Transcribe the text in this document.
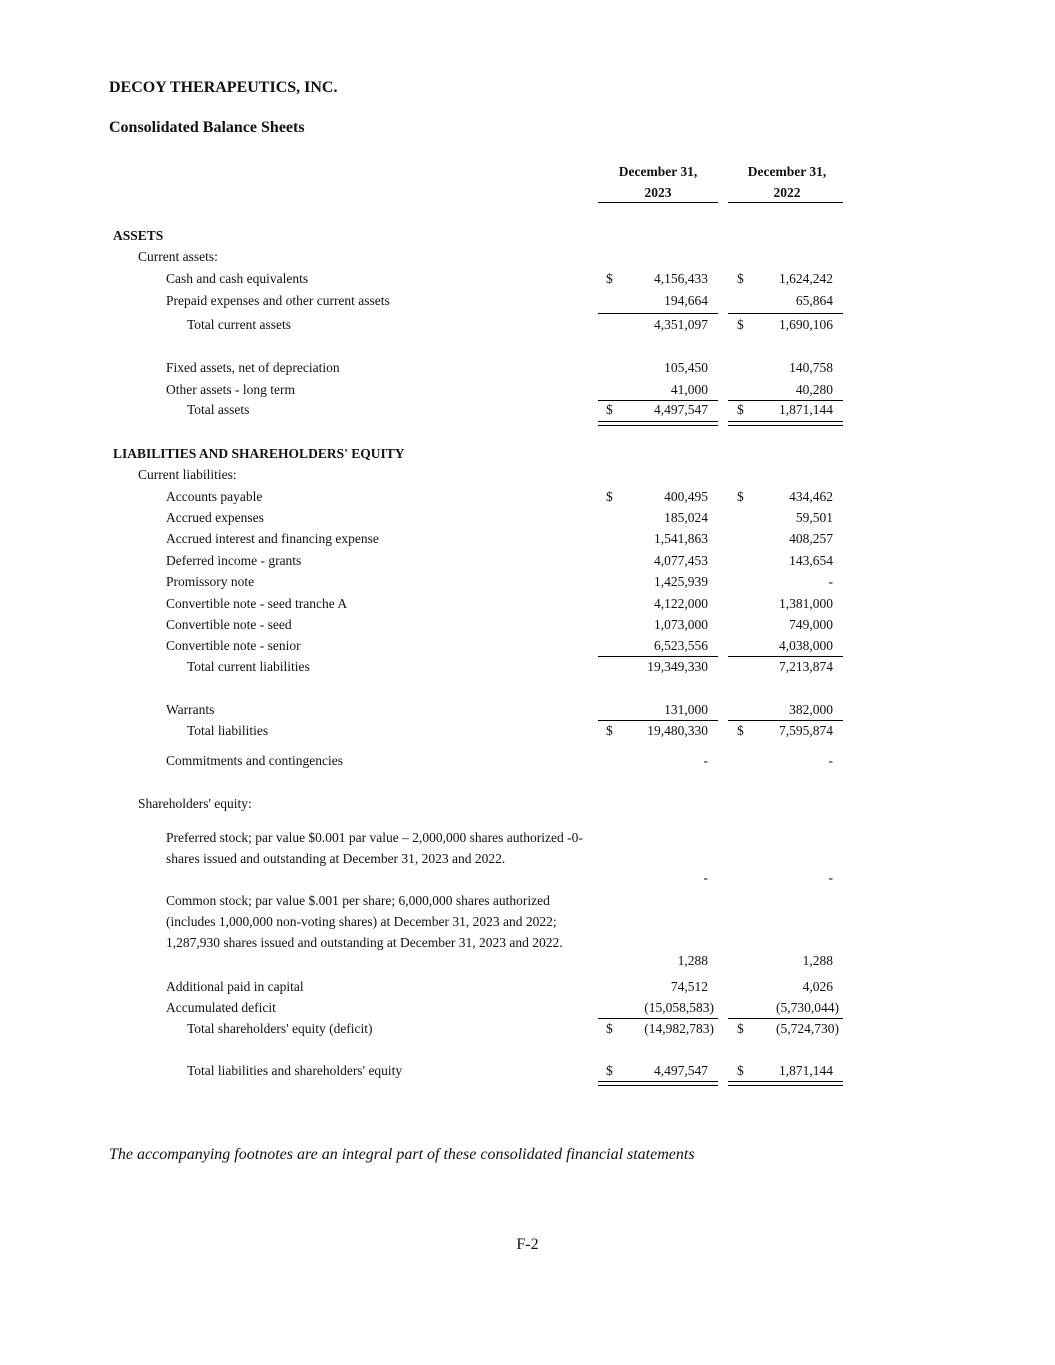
DECOY THERAPEUTICS, INC.
Consolidated Balance Sheets
December 31,
2023
December 31,
2022
ASSETS
Current assets:
Cash and cash equivalents	$	4,156,433 $	1,624,242
Prepaid expenses and other current assets	194,664	65,864
Total current assets	4,351,097 $	1,690,106
Fixed assets, net of depreciation	105,450	140,758
Other assets - long term	41,000	40,280
Total assets	$	4,497,547 $	1,871,144
LIABILITIES AND SHAREHOLDERS' EQUITY
Current liabilities:
Accounts payable	$	400,495 $	434,462
Accrued expenses	185,024	59,501
Accrued interest and financing expense	1,541,863	408,257
Deferred income - grants	4,077,453	143,654
Promissory note	1,425,939	-
Convertible note - seed tranche A	4,122,000	1,381,000
Convertible note - seed	1,073,000	749,000
Convertible note - senior	6,523,556	4,038,000
Total current liabilities	19,349,330	7,213,874
Warrants	131,000	382,000
Total liabilities	$	19,480,330 $	7,595,874
Commitments and contingencies	-	-
Shareholders' equity:
Preferred stock; par value $0.001 par value – 2,000,000 shares authorized -0- shares issued and outstanding at December 31, 2023 and 2022.
-	-
Common stock; par value $.001 per share; 6,000,000 shares authorized (includes 1,000,000 non-voting shares) at December 31, 2023 and 2022; 1,287,930 shares issued and outstanding at December 31, 2023 and 2022.
1,288	1,288
Additional paid in capital	74,512	4,026
Accumulated deficit	(15,058,583)	(5,730,044)
Total shareholders' equity (deficit)	$	(14,982,783) $	(5,724,730)
Total liabilities and shareholders' equity	$	4,497,547 $	1,871,144
The accompanying footnotes are an integral part of these consolidated financial statements
F-2
